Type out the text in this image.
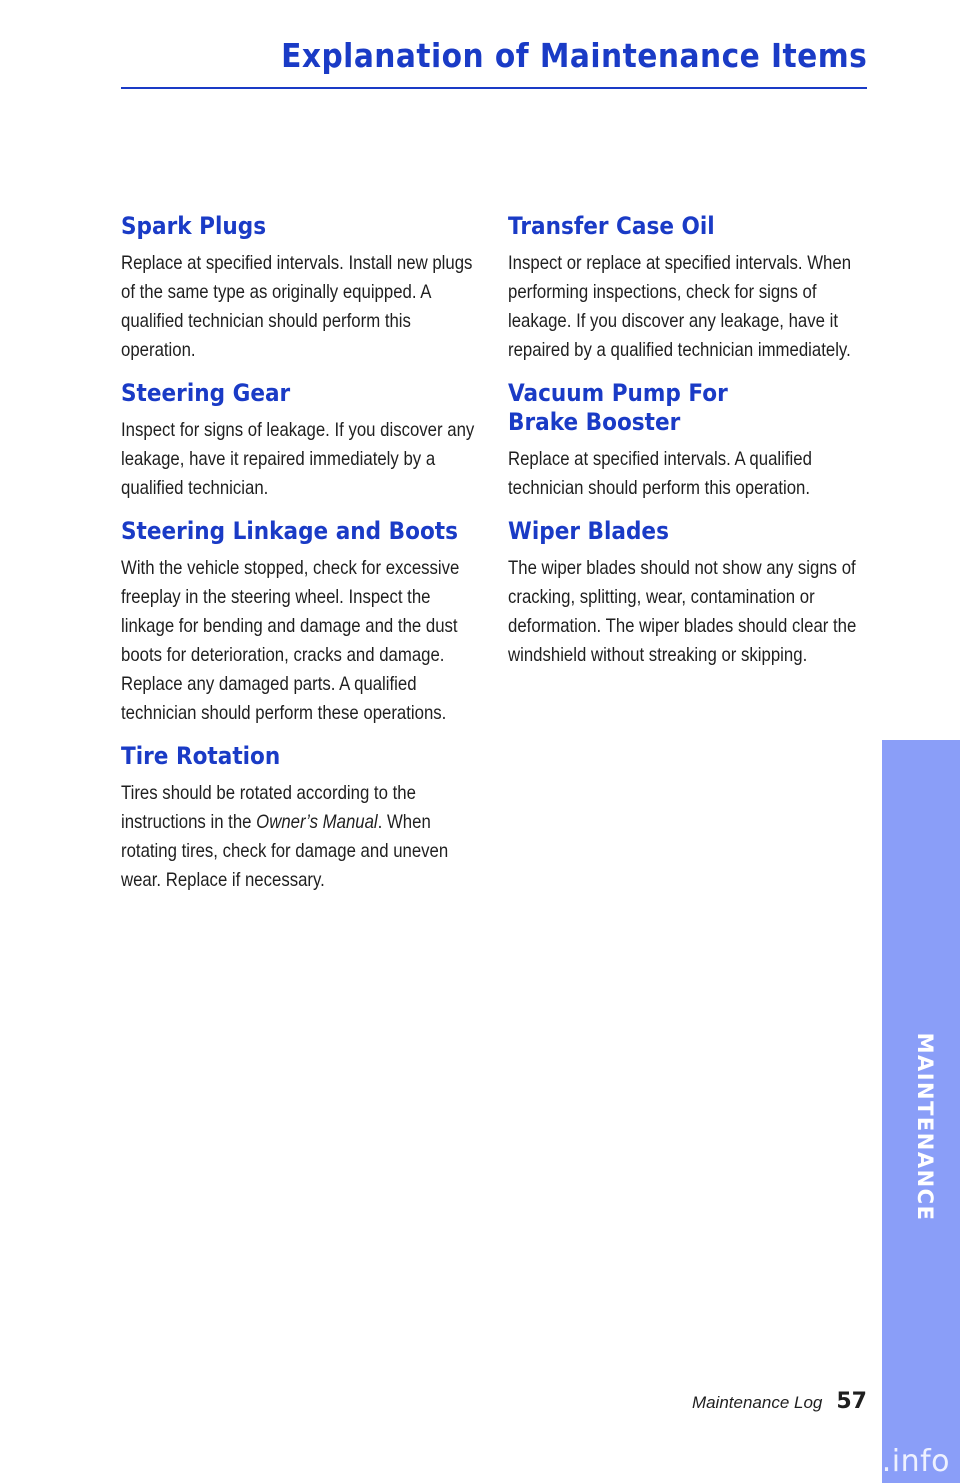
Explanation of Maintenance Items
Spark Plugs

Replace at specified intervals. Install new plugs of the same type as originally equipped. A qualified technician should perform this operation.

Steering Gear

Inspect for signs of leakage. If you discover any leakage, have it repaired immediately by a qualified technician.

Steering Linkage and Boots

With the vehicle stopped, check for excessive freeplay in the steering wheel. Inspect the linkage for bending and damage and the dust boots for deterioration, cracks and damage. Replace any damaged parts. A qualified technician should perform these operations.

Tire Rotation

Tires should be rotated according to the instructions in the Owner’s Manual. When rotating tires, check for damage and uneven wear. Replace if necessary.

Transfer Case Oil

Inspect or replace at specified intervals. When performing inspections, check for signs of leakage. If you discover any leakage, have it repaired by a qualified technician immediately.

Vacuum Pump For Brake Booster

Replace at specified intervals. A qualified technician should perform this operation.

Wiper Blades

The wiper blades should not show any signs of cracking, splitting, wear, contamination or deformation. The wiper blades should clear the windshield without streaking or skipping.

MAINTENANCE
Maintenance Log 57
carmanualsonline.info
